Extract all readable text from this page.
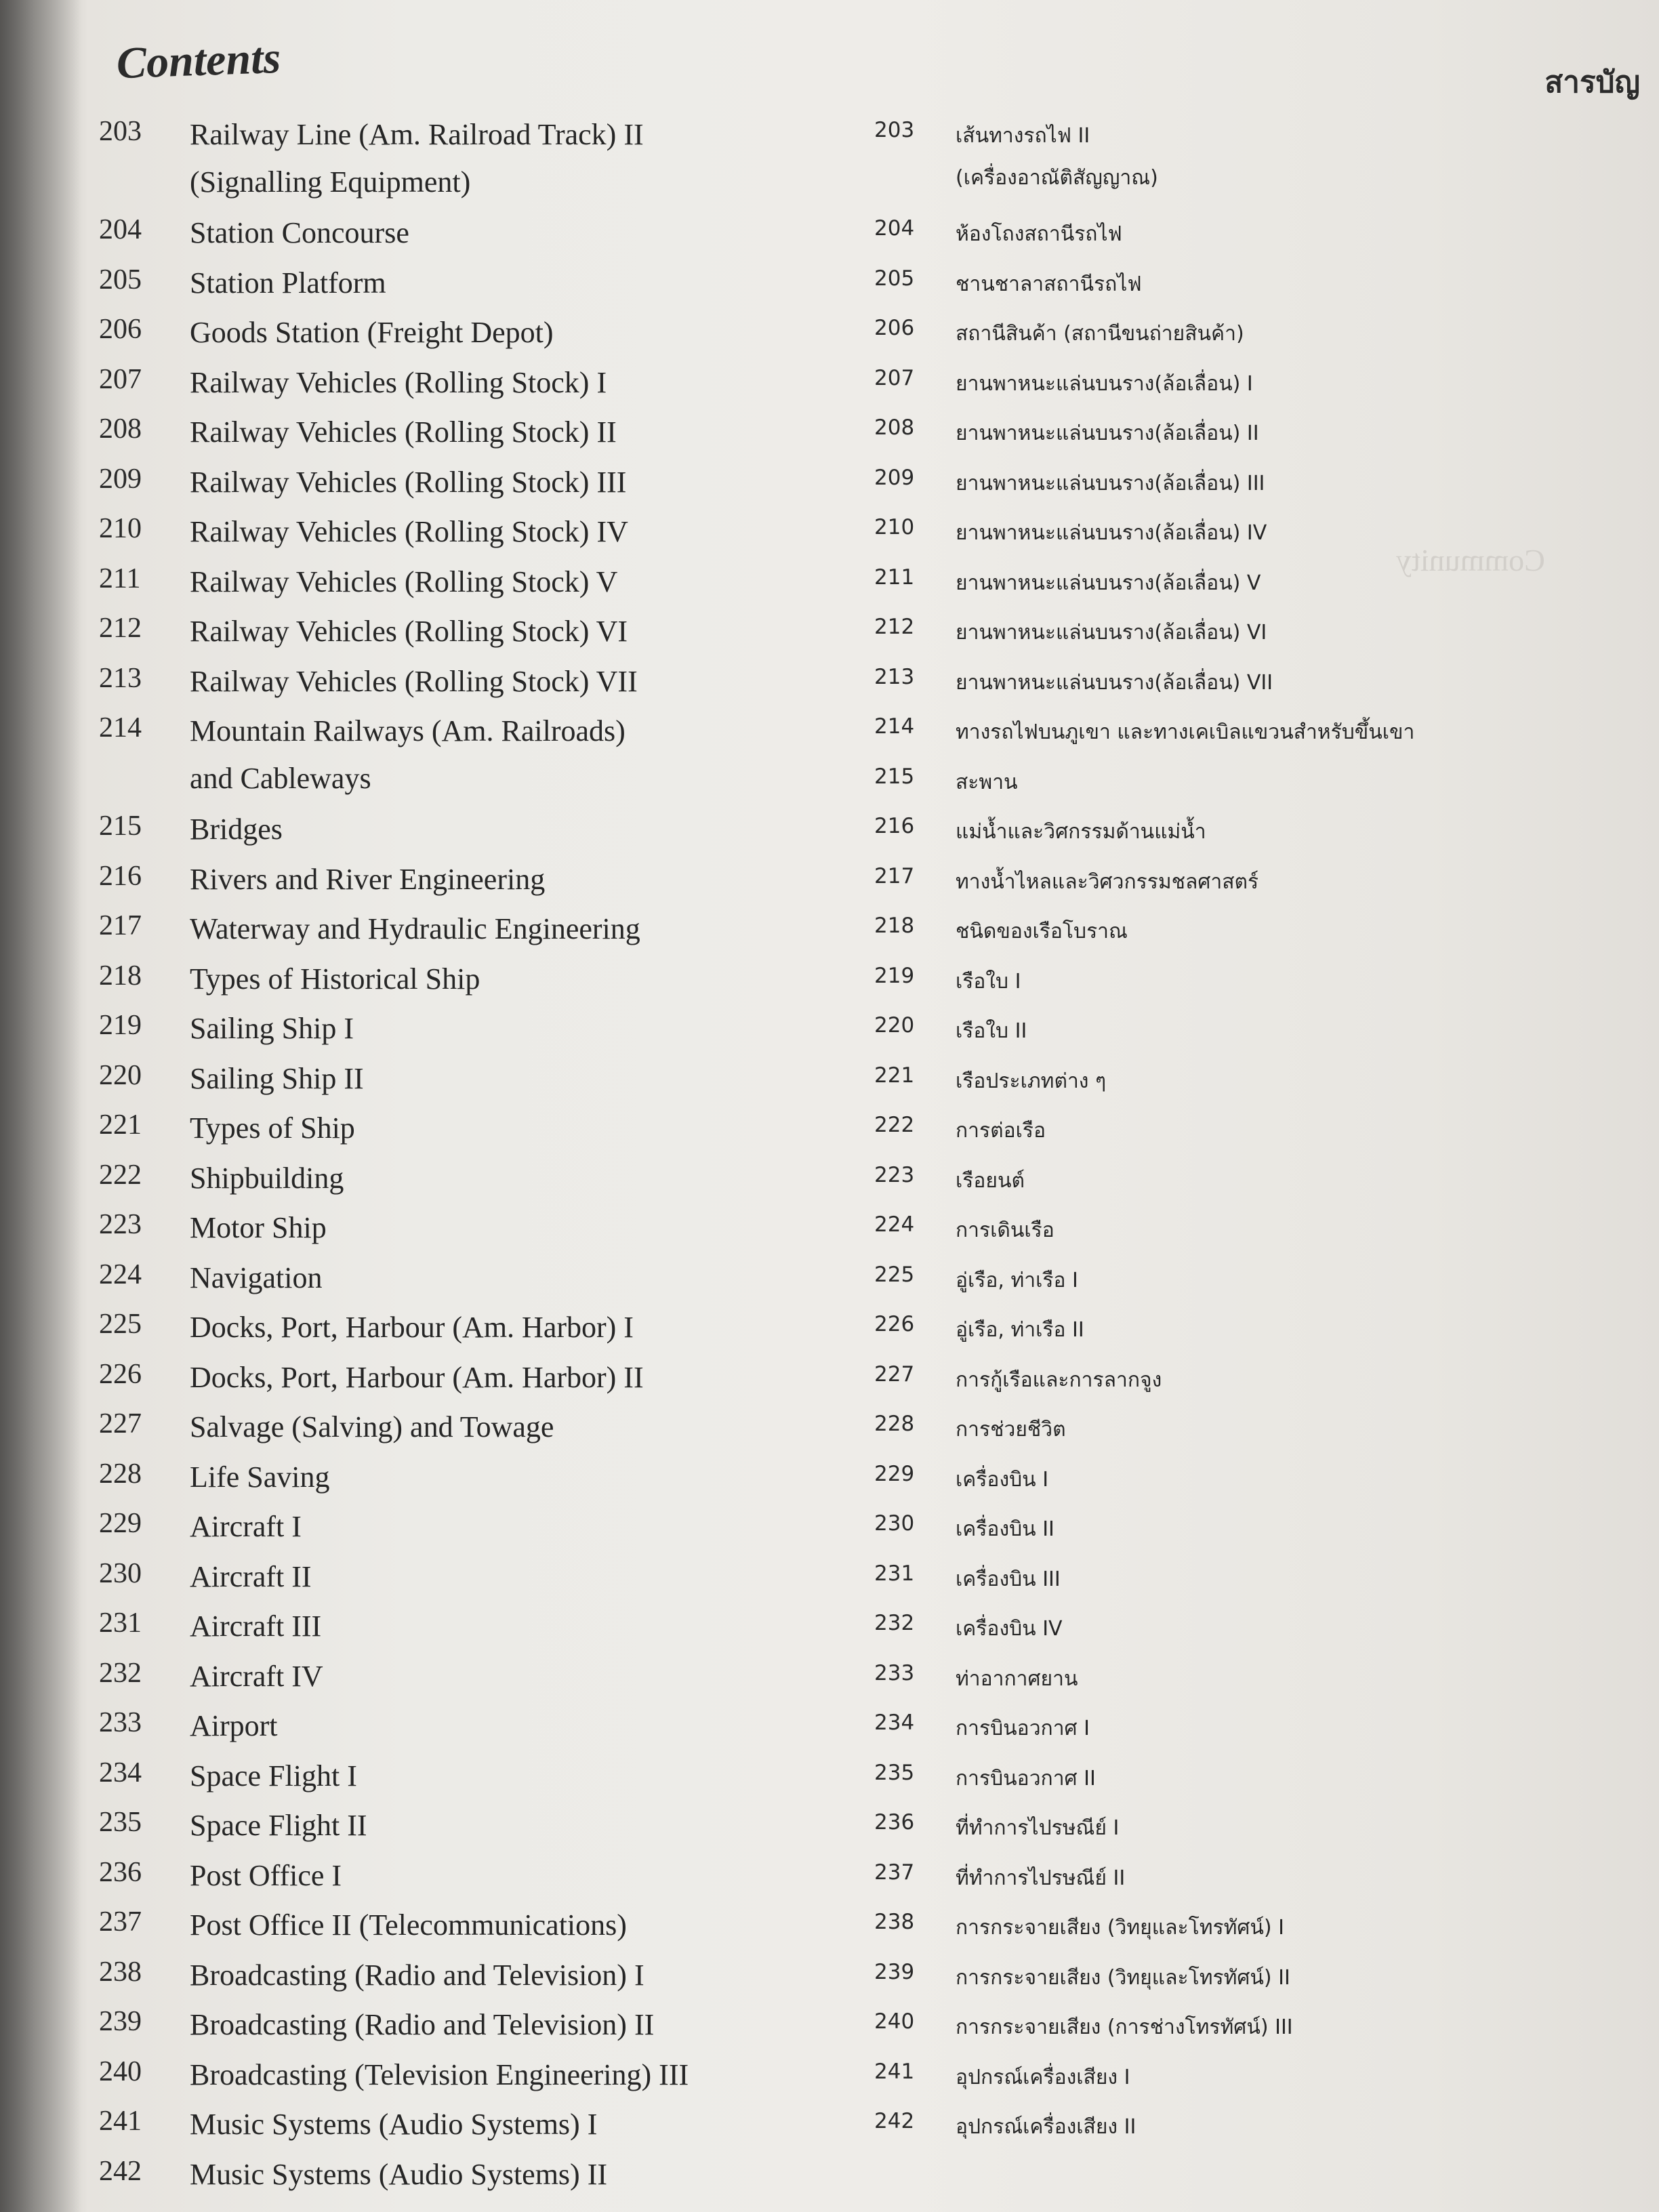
Community
Contents	สารบัญ
203	Railway Line (Am. Railroad Track) II
(Signalling Equipment)
204	Station Concourse
205	Station Platform
206	Goods Station (Freight Depot)
207	Railway Vehicles (Rolling Stock) I
208	Railway Vehicles (Rolling Stock) II
209	Railway Vehicles (Rolling Stock) III
210	Railway Vehicles (Rolling Stock) IV
211	Railway Vehicles (Rolling Stock) V
212	Railway Vehicles (Rolling Stock) VI
213	Railway Vehicles (Rolling Stock) VII
214	Mountain Railways (Am. Railroads)
and Cableways
215	Bridges
216	Rivers and River Engineering
217	Waterway and Hydraulic Engineering
218	Types of Historical Ship
219	Sailing Ship I
220	Sailing Ship II
221	Types of Ship
222	Shipbuilding
223	Motor Ship
224	Navigation
225	Docks, Port, Harbour (Am. Harbor) I
226	Docks, Port, Harbour (Am. Harbor) II
227	Salvage (Salving) and Towage
228	Life Saving
229	Aircraft I
230	Aircraft II
231	Aircraft III
232	Aircraft IV
233	Airport
234	Space Flight I
235	Space Flight II
236	Post Office I
237	Post Office II (Telecommunications)
238	Broadcasting (Radio and Television) I
239	Broadcasting (Radio and Television) II
240	Broadcasting (Television Engineering) III
241	Music Systems (Audio Systems) I
242	Music Systems (Audio Systems) II
203 เส้นทางรถไฟ II
(เครื่องอาณัติสัญญาณ)
204 ห้องโถงสถานีรถไฟ
205 ชานชาลาสถานีรถไฟ
206 สถานีสินค้า (สถานีขนถ่ายสินค้า)
207 ยานพาหนะแล่นบนราง(ล้อเลื่อน) I
208 ยานพาหนะแล่นบนราง(ล้อเลื่อน) II
209 ยานพาหนะแล่นบนราง(ล้อเลื่อน) III
210 ยานพาหนะแล่นบนราง(ล้อเลื่อน) IV
211 ยานพาหนะแล่นบนราง(ล้อเลื่อน) V
212 ยานพาหนะแล่นบนราง(ล้อเลื่อน) VI
213 ยานพาหนะแล่นบนราง(ล้อเลื่อน) VII
214 ทางรถไฟบนภูเขา และทางเคเบิลแขวนสำหรับขึ้นเขา
215 สะพาน
216 แม่น้ำและวิศกรรมด้านแม่น้ำ
217 ทางน้ำไหลและวิศวกรรมชลศาสตร์
218 ชนิดของเรือโบราณ
219 เรือใบ I
220 เรือใบ II
221 เรือประเภทต่าง ๆ
222 การต่อเรือ
223 เรือยนต์
224 การเดินเรือ
225 อู่เรือ, ท่าเรือ I
226 อู่เรือ, ท่าเรือ II
227 การกู้เรือและการลากจูง
228 การช่วยชีวิต
229 เครื่องบิน I
230 เครื่องบิน II
231 เครื่องบิน III
232 เครื่องบิน IV
233 ท่าอากาศยาน
234 การบินอวกาศ I
235 การบินอวกาศ II
236 ที่ทำการไปรษณีย์ I
237 ที่ทำการไปรษณีย์ II
238 การกระจายเสียง (วิทยุและโทรทัศน์) I
239 การกระจายเสียง (วิทยุและโทรทัศน์) II
240 การกระจายเสียง (การช่างโทรทัศน์) III
241 อุปกรณ์เครื่องเสียง I
242 อุปกรณ์เครื่องเสียง II
